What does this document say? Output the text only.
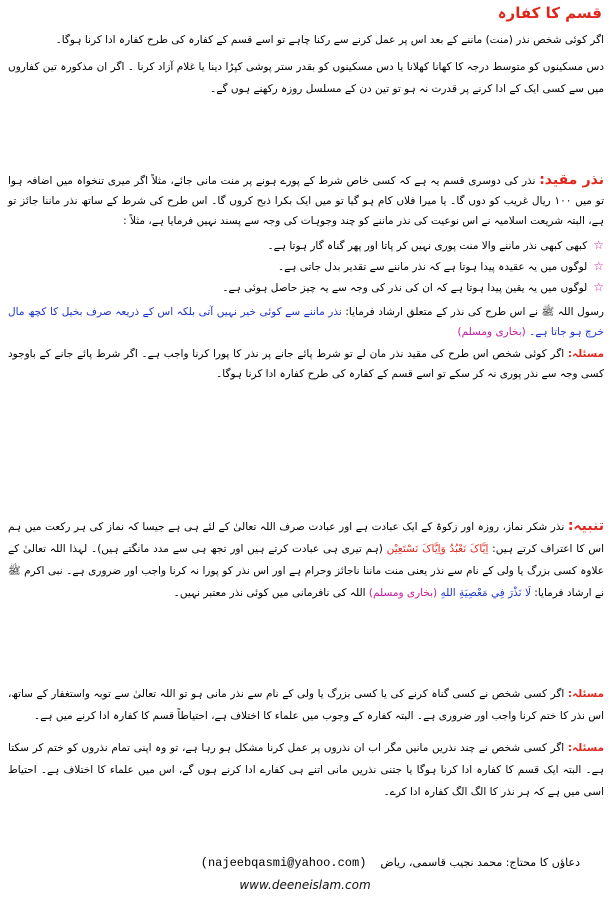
قسم کا کفارہ
اگر کوئی شخص نذر (منت) ماننے کے بعد اس پر عمل کرنے سے رکنا چاہے تو اسے قسم کے کفارہ کی طرح کفارہ ادا کرنا ہوگا۔
دس مسکینوں کو متوسط درجہ کا کھانا کھلانا یا دس مسکینوں کو بقدر ستر پوشی کپڑا دینا یا غلام آزاد کرنا ۔ اگر ان مذکورہ تین کفاروں میں سے کسی ایک کے ادا کرنے پر قدرت نہ ہو تو تین دن کے مسلسل روزہ رکھنے ہوں گے۔
نذر مقید: نذر کی دوسری قسم یہ ہے کہ کسی خاص شرط کے پورے ہونے پر منت مانی جائے، مثلاً اگر میری تنخواہ میں اضافہ ہوا تو میں ۱۰۰ ریال غریب کو دوں گا۔ یا میرا فلاں کام ہو گیا تو میں ایک بکرا ذبح کروں گا۔ اس طرح کی شرط کے ساتھ نذر ماننا جائز تو ہے، البتہ شریعت اسلامیہ نے اس نوعیت کی نذر ماننے کو چند وجوہات کی وجہ سے پسند نہیں فرمایا ہے، مثلاً :
☆کبھی کبھی نذر ماننے والا منت پوری نہیں کر پاتا اور پھر گناہ گار ہوتا ہے۔
☆لوگوں میں یہ عقیدہ پیدا ہوتا ہے کہ نذر ماننے سے تقدیر بدل جاتی ہے۔
☆لوگوں میں یہ یقین پیدا ہوتا ہے کہ ان کی نذر کی وجہ سے یہ چیز حاصل ہوئی ہے۔
رسول اللہ ﷺ نے اس طرح کی نذر کے متعلق ارشاد فرمایا: نذر ماننے سے کوئی خیر نہیں آتی بلکہ اس کے ذریعہ صرف بخیل کا کچھ مال خرچ ہو جاتا ہے۔ (بخاری ومسلم)
مسئلہ: اگر کوئی شخص اس طرح کی مقید نذر مان لے تو شرط پائے جانے پر نذر کا پورا کرنا واجب ہے۔ اگر شرط پائے جانے کے باوجود کسی وجہ سے نذر پوری نہ کر سکے تو اسے قسم کے کفارہ کی طرح کفارہ ادا کرنا ہوگا۔
تنبیہ: نذر شکر نماز، روزہ اور زکوۃ کے ایک عبادت ہے اور عبادت صرف اللہ تعالیٰ کے لئے ہی ہے جیسا کہ نماز کی ہر رکعت میں ہم اس کا اعتراف کرتے ہیں: اِیَّاکَ نَعْبُدُ وَاِیَّاکَ نَسْتَعِیْن (ہم تیری ہی عبادت کرتے ہیں اور تجھ ہی سے مدد مانگتے ہیں)۔ لہذا اللہ تعالیٰ کے علاوہ کسی بزرگ یا ولی کے نام سے نذر یعنی منت ماننا ناجائز وحرام ہے اور اس نذر کو پورا نہ کرنا واجب اور ضروری ہے۔ نبی اکرم ﷺ نے ارشاد فرمایا: لَا نَذْرَ فِي مَعْصِيَةِ اللهِ (بخاری ومسلم) اللہ کی نافرمانی میں کوئی نذر معتبر نہیں۔
مسئلہ: اگر کسی شخص نے کسی گناہ کرنے کی یا کسی بزرگ یا ولی کے نام سے نذر مانی ہو تو اللہ تعالیٰ سے توبہ واستغفار کے ساتھ، اس نذر کا ختم کرنا واجب اور ضروری ہے۔ البتہ کفارہ کے وجوب میں علماء کا اختلاف ہے، احتیاطاً قسم کا کفارہ ادا کرنے میں ہے۔
مسئلہ: اگر کسی شخص نے چند نذریں مانیں مگر اب ان نذروں پر عمل کرنا مشکل ہو رہا ہے، تو وہ اپنی تمام نذروں کو ختم کر سکتا ہے۔ البتہ ایک قسم کا کفارہ ادا کرنا ہوگا یا جتنی نذریں مانی اتنے ہی کفارے ادا کرنے ہوں گے، اس میں علماء کا اختلاف ہے۔ احتیاط اسی میں ہے کہ ہر نذر کا الگ الگ کفارہ ادا کرے۔
دعاؤں کا محتاج: محمد نجیب قاسمی، ریاض    (najeebqasmi@yahoo.com)
www.deeneislam.com
